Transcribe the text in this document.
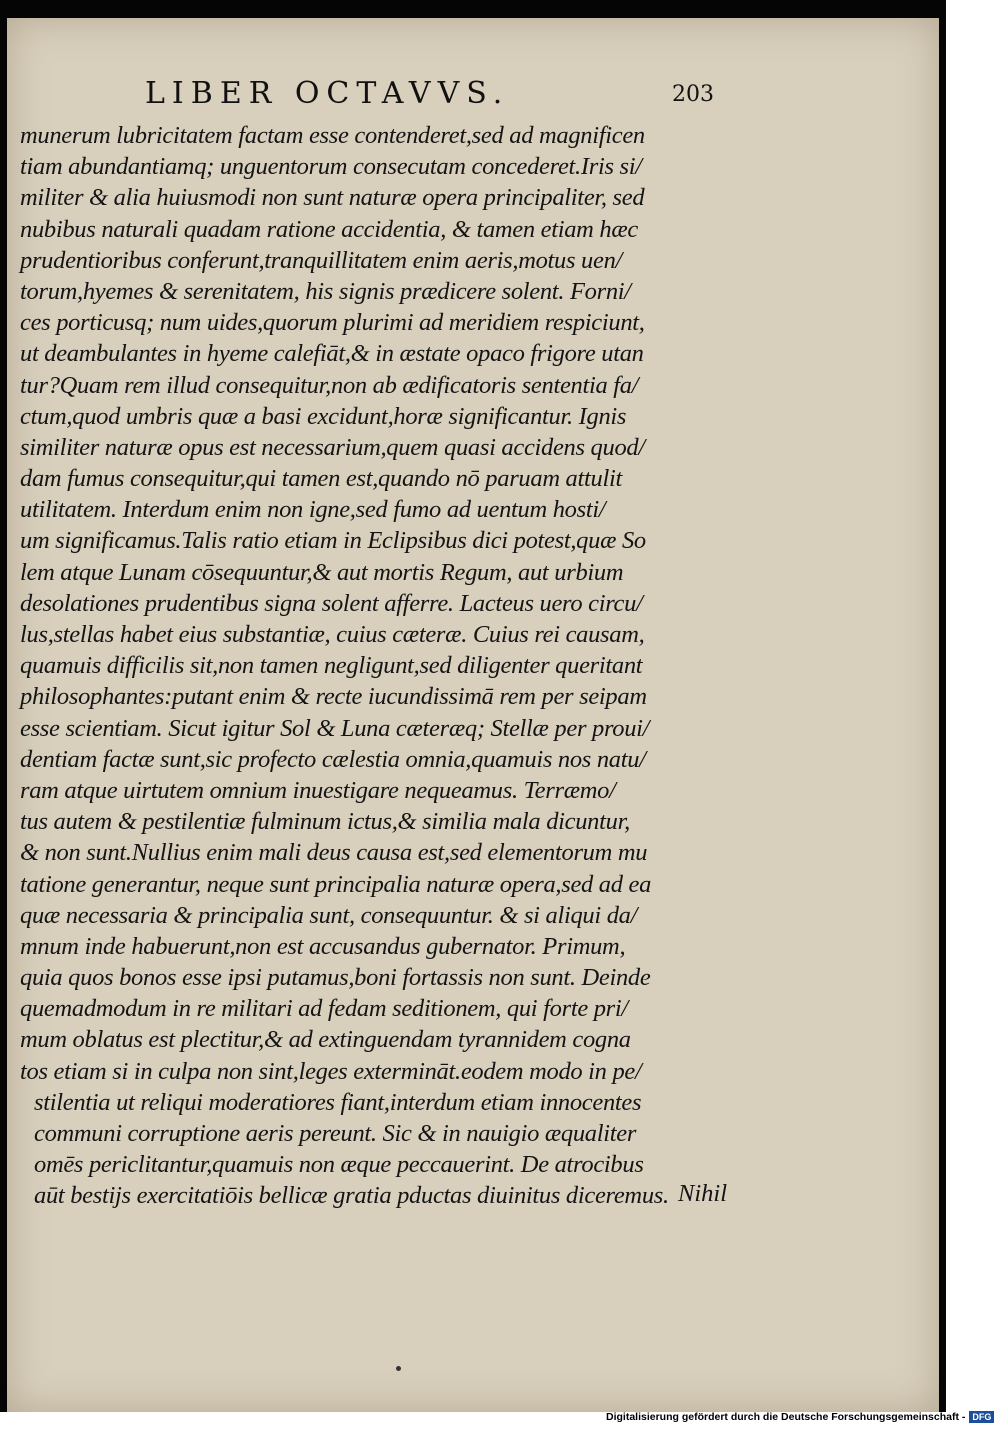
LIBER OCTAVVS.	203
munerum lubricitatem factam esse contenderet,sed ad magnificen
tiam abundantiamq; unguentorum consecutam concederet.Iris si/
militer & alia huiusmodi non sunt naturæ opera principaliter, sed
nubibus naturali quadam ratione accidentia, & tamen etiam hæc
prudentioribus conferunt,tranquillitatem enim aeris,motus uen/
torum,hyemes & serenitatem, his signis prædicere solent. Forni/
ces porticusq; num uides,quorum plurimi ad meridiem respiciunt,
ut deambulantes in hyeme calefiāt,& in æstate opaco frigore utan
tur?Quam rem illud consequitur,non ab ædificatoris sententia fa/
ctum,quod umbris quæ a basi excidunt,horæ significantur. Ignis
similiter naturæ opus est necessarium,quem quasi accidens quod/
dam fumus consequitur,qui tamen est,quando nō paruam attulit
utilitatem. Interdum enim non igne,sed fumo ad uentum hosti/
um significamus.Talis ratio etiam in Eclipsibus dici potest,quæ So
lem atque Lunam cōsequuntur,& aut mortis Regum, aut urbium
desolationes prudentibus signa solent afferre. Lacteus uero circu/
lus,stellas habet eius substantiæ, cuius cæteræ. Cuius rei causam,
quamuis difficilis sit,non tamen negligunt,sed diligenter queritant
philosophantes:putant enim & recte iucundissimā rem per seipam
esse scientiam. Sicut igitur Sol & Luna cæteræq; Stellæ per proui/
dentiam factæ sunt,sic profecto cælestia omnia,quamuis nos natu/
ram atque uirtutem omnium inuestigare nequeamus. Terræmo/
tus autem & pestilentiæ fulminum ictus,& similia mala dicuntur,
& non sunt.Nullius enim mali deus causa est,sed elementorum mu
tatione generantur, neque sunt principalia naturæ opera,sed ad ea
quæ necessaria & principalia sunt, consequuntur. & si aliqui da/
mnum inde habuerunt,non est accusandus gubernator. Primum,
quia quos bonos esse ipsi putamus,boni fortassis non sunt. Deinde
quemadmodum in re militari ad fedam seditionem, qui forte pri/
mum oblatus est plectitur,& ad extinguendam tyrannidem cogna
tos etiam si in culpa non sint,leges extermināt.eodem modo in pe/
stilentia ut reliqui moderatiores fiant,interdum etiam innocentes
communi corruptione aeris pereunt. Sic & in nauigio æqualiter
omēs periclitantur,quamuis non æque peccauerint. De atrocibus
aūt bestijs exercitatiōis bellicæ gratia pductas diuinitus diceremus. Nihil
Digitalisierung gefördert durch die Deutsche Forschungsgemeinschaft - DFG
